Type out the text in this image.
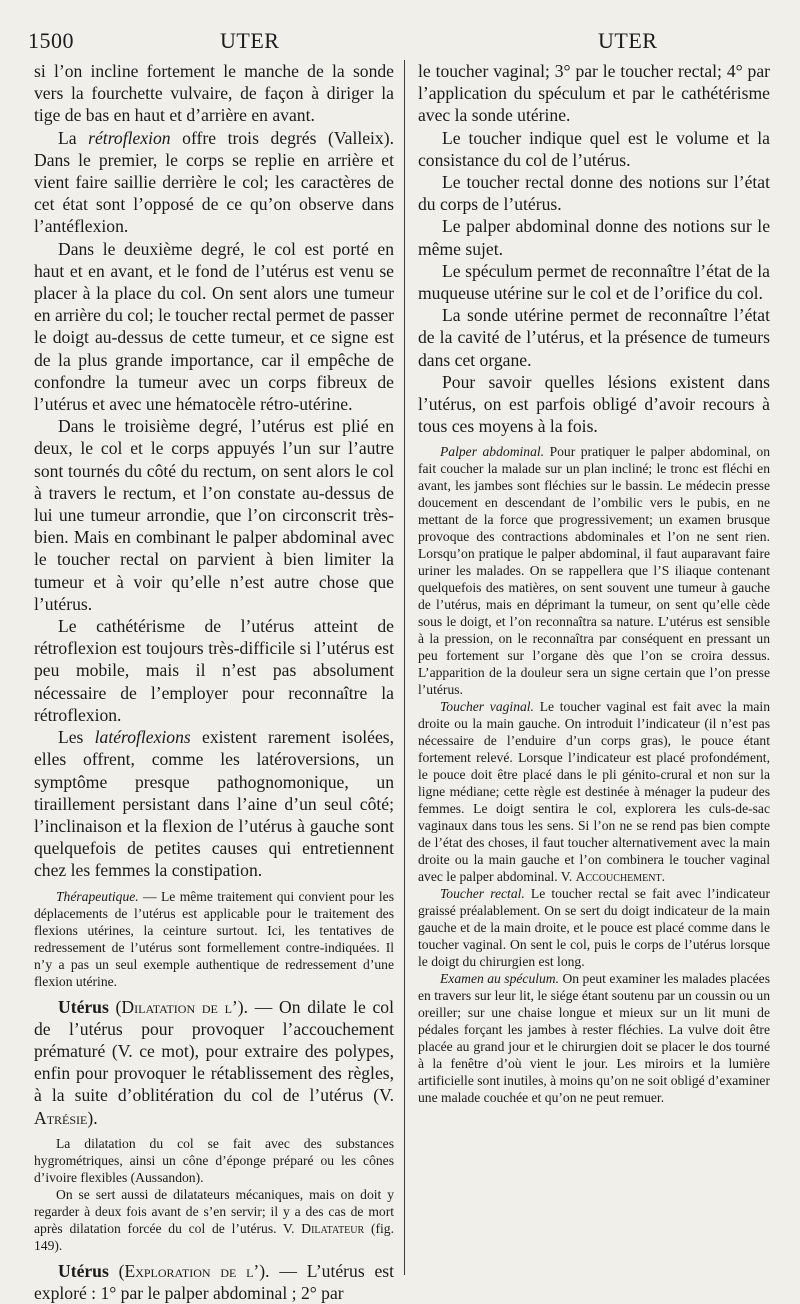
1500	UTER	UTER

si l’on incline fortement le manche de la sonde vers la fourchette vulvaire, de façon à diriger la tige de bas en haut et d’arrière en avant.

La rétroflexion offre trois degrés (Valleix). Dans le premier, le corps se replie en arrière et vient faire saillie derrière le col; les caractères de cet état sont l’opposé de ce qu’on observe dans l’antéflexion.

Dans le deuxième degré, le col est porté en haut et en avant, et le fond de l’utérus est venu se placer à la place du col. On sent alors une tumeur en arrière du col; le toucher rectal permet de passer le doigt au-dessus de cette tumeur, et ce signe est de la plus grande importance, car il empêche de confondre la tumeur avec un corps fibreux de l’utérus et avec une hématocèle rétro-utérine.

Dans le troisième degré, l’utérus est plié en deux, le col et le corps appuyés l’un sur l’autre sont tournés du côté du rectum, on sent alors le col à travers le rectum, et l’on constate au-dessus de lui une tumeur arrondie, que l’on circonscrit très-bien. Mais en combinant le palper abdominal avec le toucher rectal on parvient à bien limiter la tumeur et à voir qu’elle n’est autre chose que l’utérus.

Le cathétérisme de l’utérus atteint de rétroflexion est toujours très-difficile si l’utérus est peu mobile, mais il n’est pas absolument nécessaire de l’employer pour reconnaître la rétroflexion.

Les latéroflexions existent rarement isolées, elles offrent, comme les latéroversions, un symptôme presque pathognomonique, un tiraillement persistant dans l’aine d’un seul côté; l’inclinaison et la flexion de l’utérus à gauche sont quelquefois de petites causes qui entretiennent chez les femmes la constipation.

Thérapeutique. — Le même traitement qui convient pour les déplacements de l’utérus est applicable pour le traitement des flexions utérines, la ceinture surtout. Ici, les tentatives de redressement de l’utérus sont formellement contre-indiquées. Il n’y a pas un seul exemple authentique de redressement d’une flexion utérine.

Utérus (Dilatation de l’). — On dilate le col de l’utérus pour provoquer l’accouchement prématuré (V. ce mot), pour extraire des polypes, enfin pour provoquer le rétablissement des règles, à la suite d’oblitération du col de l’utérus (V. Atrésie).

La dilatation du col se fait avec des substances hygrométriques, ainsi un cône d’éponge préparé ou les cônes d’ivoire flexibles (Aussandon).

On se sert aussi de dilatateurs mécaniques, mais on doit y regarder à deux fois avant de s’en servir; il y a des cas de mort après dilatation forcée du col de l’utérus. V. Dilatateur (fig. 149).

Utérus (Exploration de l’). — L’utérus est exploré : 1° par le palper abdominal ; 2° par

le toucher vaginal; 3° par le toucher rectal; 4° par l’application du spéculum et par le cathétérisme avec la sonde utérine.

Le toucher indique quel est le volume et la consistance du col de l’utérus.

Le toucher rectal donne des notions sur l’état du corps de l’utérus.

Le palper abdominal donne des notions sur le même sujet.

Le spéculum permet de reconnaître l’état de la muqueuse utérine sur le col et de l’orifice du col.

La sonde utérine permet de reconnaître l’état de la cavité de l’utérus, et la présence de tumeurs dans cet organe.

Pour savoir quelles lésions existent dans l’utérus, on est parfois obligé d’avoir recours à tous ces moyens à la fois.

Palper abdominal. Pour pratiquer le palper abdominal, on fait coucher la malade sur un plan incliné; le tronc est fléchi en avant, les jambes sont fléchies sur le bassin. Le médecin presse doucement en descendant de l’ombilic vers le pubis, en ne mettant de la force que progressivement; un examen brusque provoque des contractions abdominales et l’on ne sent rien. Lorsqu’on pratique le palper abdominal, il faut auparavant faire uriner les malades. On se rappellera que l’S iliaque contenant quelquefois des matières, on sent souvent une tumeur à gauche de l’utérus, mais en déprimant la tumeur, on sent qu’elle cède sous le doigt, et l’on reconnaîtra sa nature. L’utérus est sensible à la pression, on le reconnaîtra par conséquent en pressant un peu fortement sur l’organe dès que l’on se croira dessus. L’apparition de la douleur sera un signe certain que l’on presse l’utérus.

Toucher vaginal. Le toucher vaginal est fait avec la main droite ou la main gauche. On introduit l’indicateur (il n’est pas nécessaire de l’enduire d’un corps gras), le pouce étant fortement relevé. Lorsque l’indicateur est placé profondément, le pouce doit être placé dans le pli génito-crural et non sur la ligne médiane; cette règle est destinée à ménager la pudeur des femmes. Le doigt sentira le col, explorera les culs-de-sac vaginaux dans tous les sens. Si l’on ne se rend pas bien compte de l’état des choses, il faut toucher alternativement avec la main droite ou la main gauche et l’on combinera le toucher vaginal avec le palper abdominal. V. Accouchement.

Toucher rectal. Le toucher rectal se fait avec l’indicateur graissé préalablement. On se sert du doigt indicateur de la main gauche et de la main droite, et le pouce est placé comme dans le toucher vaginal. On sent le col, puis le corps de l’utérus lorsque le doigt du chirurgien est long.

Examen au spéculum. On peut examiner les malades placées en travers sur leur lit, le siége étant soutenu par un coussin ou un oreiller; sur une chaise longue et mieux sur un lit muni de pédales forçant les jambes à rester fléchies. La vulve doit être placée au grand jour et le chirurgien doit se placer le dos tourné à la fenêtre d’où vient le jour. Les miroirs et la lumière artificielle sont inutiles, à moins qu’on ne soit obligé d’examiner une malade couchée et qu’on ne peut remuer.
